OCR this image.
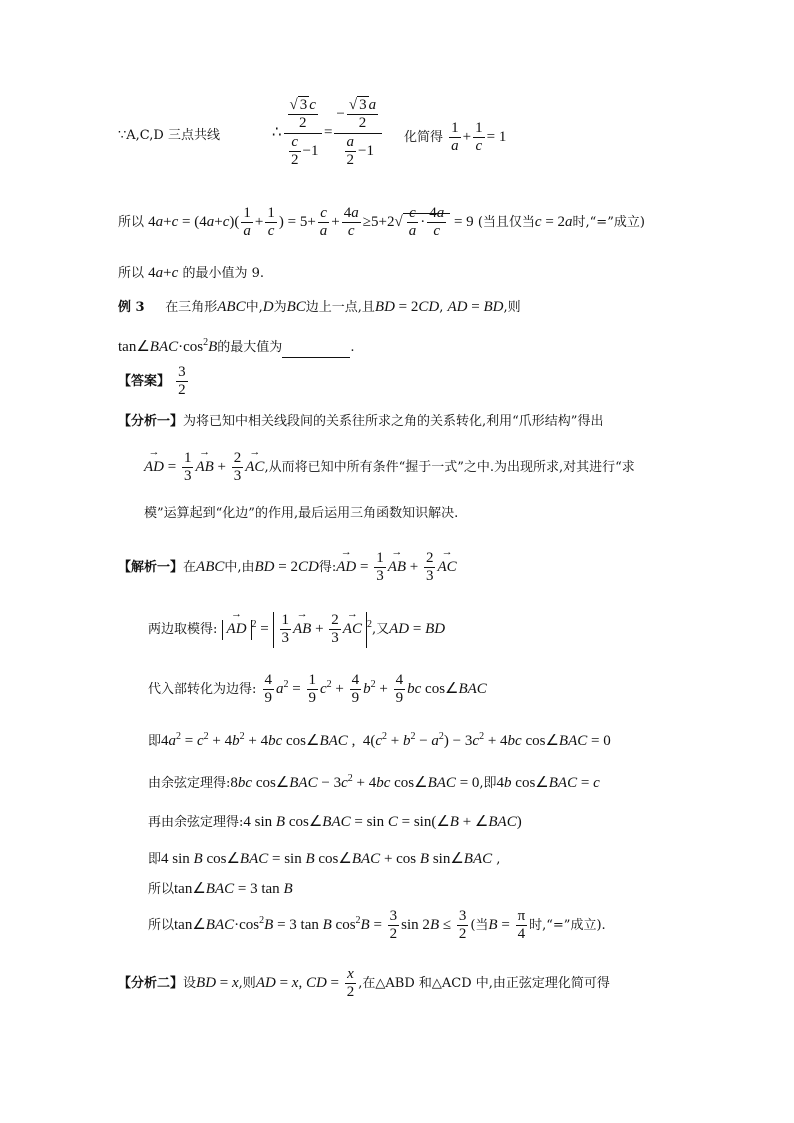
∵A,C,D 三点共线	∴ $\frac{\frac{√ 3 c}{2}}{\frac{c}{2} -1} = \frac{- \frac{√ 3 a}{2}}{\frac{a}{2} -1}$ 化简得 $\frac{1}{a} + \frac{1}{c} = 1$
所以 $4a+c = (4a+c)( \frac{1}{a} + \frac{1}{c}$ ) = $5+ \frac{c}{a} + \frac{4a}{c} \ge 5+2√ \frac{c}{a} \cdot \frac{4a}{c} = 9$ (当且仅当c = 2a时,“=”成立)
所以 4a+c 的最小值为 9.
例 3 在三角形ABC中,D为BC边上一点,且BD = 2CD, AD = BD,则
$\tan\angle BAC\cdot\cos^2B$的最大值为	.
【答案】 $\frac{3}{2}$
【分析一】为将已知中相关线段间的关系往所求之角的关系转化,利用“爪形结构”得出
→ AD = $\frac{1}{3}$ → AB + $\frac{2}{3}$ → AC,从而将已知中所有条件“握于一式”之中.为出现所求,对其进行“求
模”运算起到“化边”的作用,最后运用三角函数知识解决.
【解析一】在ABC中,由BD = 2CD得:→ AD = $\frac{1}{3}$ → AB + $\frac{2}{3}$ → AC
两边取模得: → AD $^2 = \frac{1}{3}$ → AB + $\frac{2}{3}$ → AC $^2$,又AD = BD
代入部转化为边得: $\frac{4}{9} a^2 = \frac{1}{9} c^2 + \frac{4}{9} b^2 + \frac{4}{9}$ bc cos∠BAC
即$4a^2 = c^2 + 4b^2 + 4bc$ cos∠BAC ,  $4(c^2 + b^2 - a^2) - 3c^2 + 4bc$ cos∠BAC = 0
由余弦定理得:8bc cos∠BAC − $3c^2 + 4bc$ cos∠BAC = 0,即4b cos∠BAC = c
再由余弦定理得:4 sin B cos∠BAC = sin C = sin(∠B + ∠BAC)
即4 sin B cos∠BAC = sin B cos∠BAC + cos B sin∠BAC ,
所以tan∠BAC = 3 tan B
所以$\tan\angle BAC\cdot\cos^2B = 3$ tan B $\cos^2B = \frac{3}{2}$ $\sin 2B \le \frac{3}{2}$ (当$B = \frac{\pi}{4}$ 时,“=”成立).
【分析二】设BD = x,则AD = x, CD = $\frac{x}{2}$ ,在△ABD 和△ACD 中,由正弦定理化简可得
